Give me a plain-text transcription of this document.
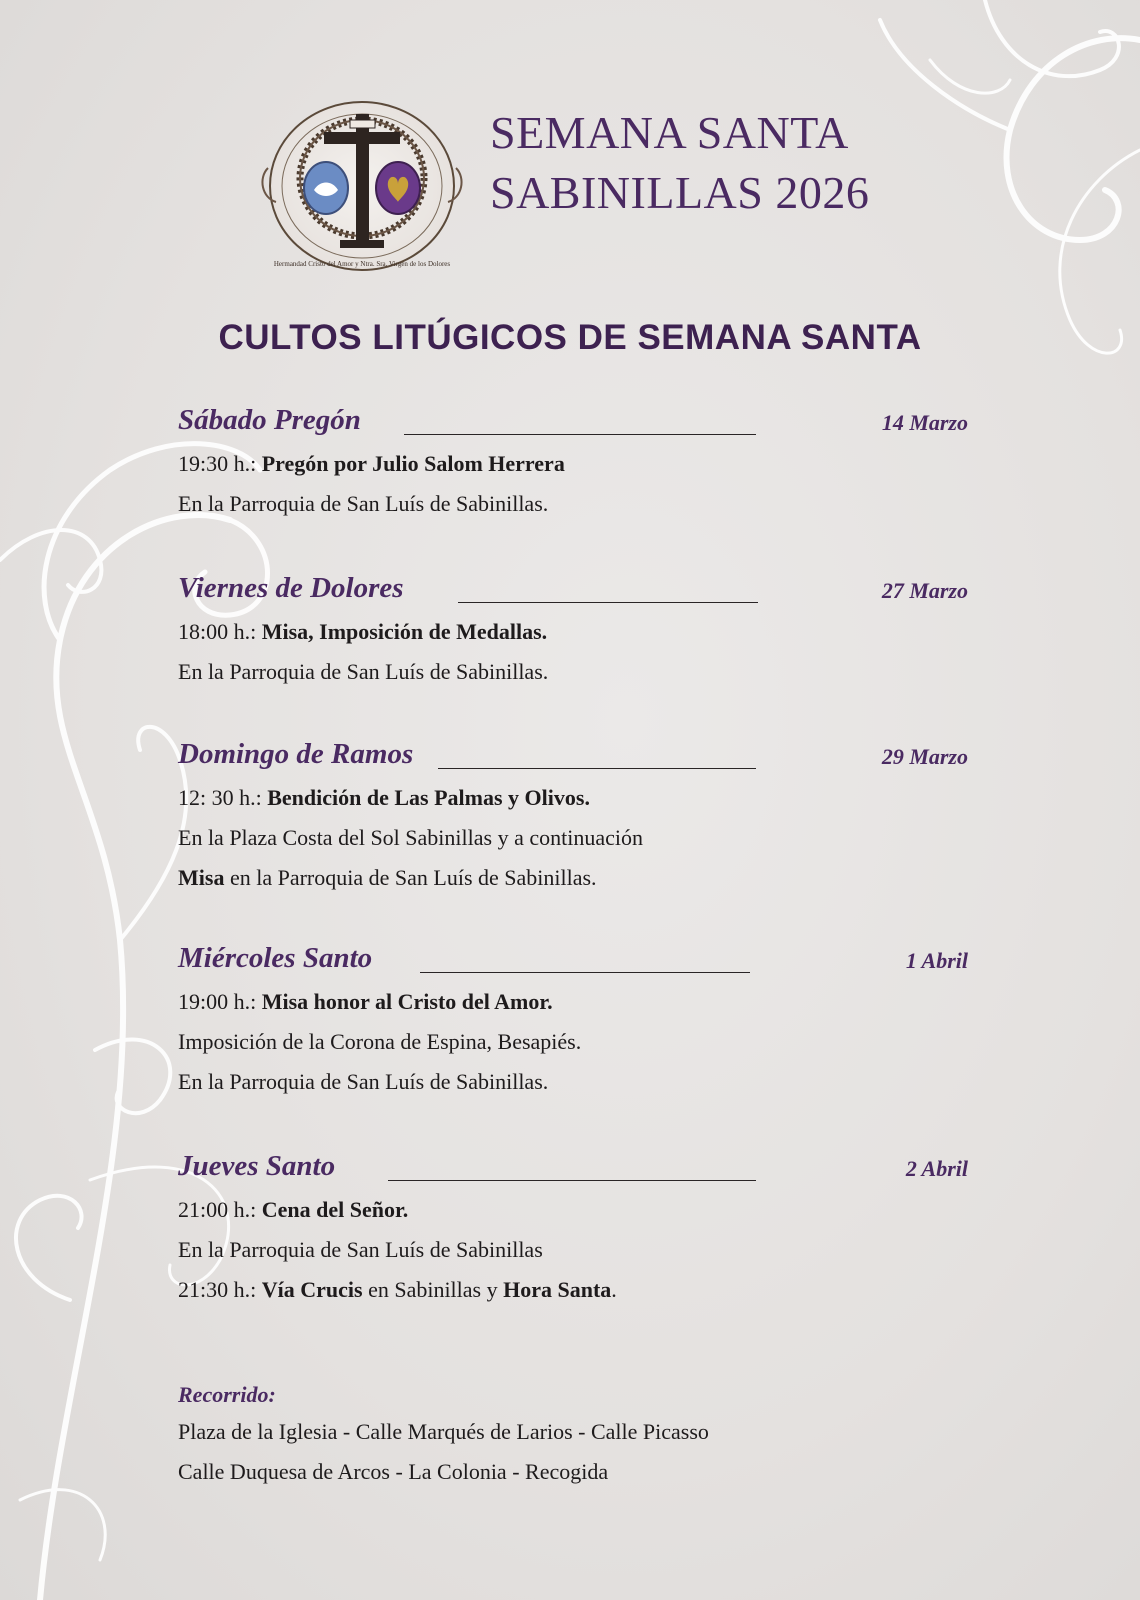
Hermandad Cristo del Amor y Ntra. Sra. Virgen de los Dolores
SEMANA SANTA
SABINILLAS 2026
CULTOS LITÚGICOS DE SEMANA SANTA
Sábado Pregón	14 Marzo
19:30 h.: Pregón por Julio Salom Herrera
En la Parroquia de San Luís de Sabinillas.
Viernes de Dolores	27 Marzo
18:00 h.: Misa, Imposición de Medallas.
En la Parroquia de San Luís de Sabinillas.
Domingo de Ramos	29 Marzo
12: 30 h.: Bendición de Las Palmas y Olivos.
En la Plaza Costa del Sol Sabinillas y a continuación
Misa en la Parroquia de San Luís de Sabinillas.
Miércoles Santo	1 Abril
19:00 h.: Misa honor al Cristo del Amor.
Imposición de la Corona de Espina, Besapiés.
En la Parroquia de San Luís de Sabinillas.
Jueves Santo	2 Abril
21:00 h.: Cena del Señor.
En la Parroquia de San Luís de Sabinillas
21:30 h.: Vía Crucis en Sabinillas y Hora Santa.
Recorrido:
Plaza de la Iglesia - Calle Marqués de Larios - Calle Picasso
Calle Duquesa de Arcos - La Colonia - Recogida
